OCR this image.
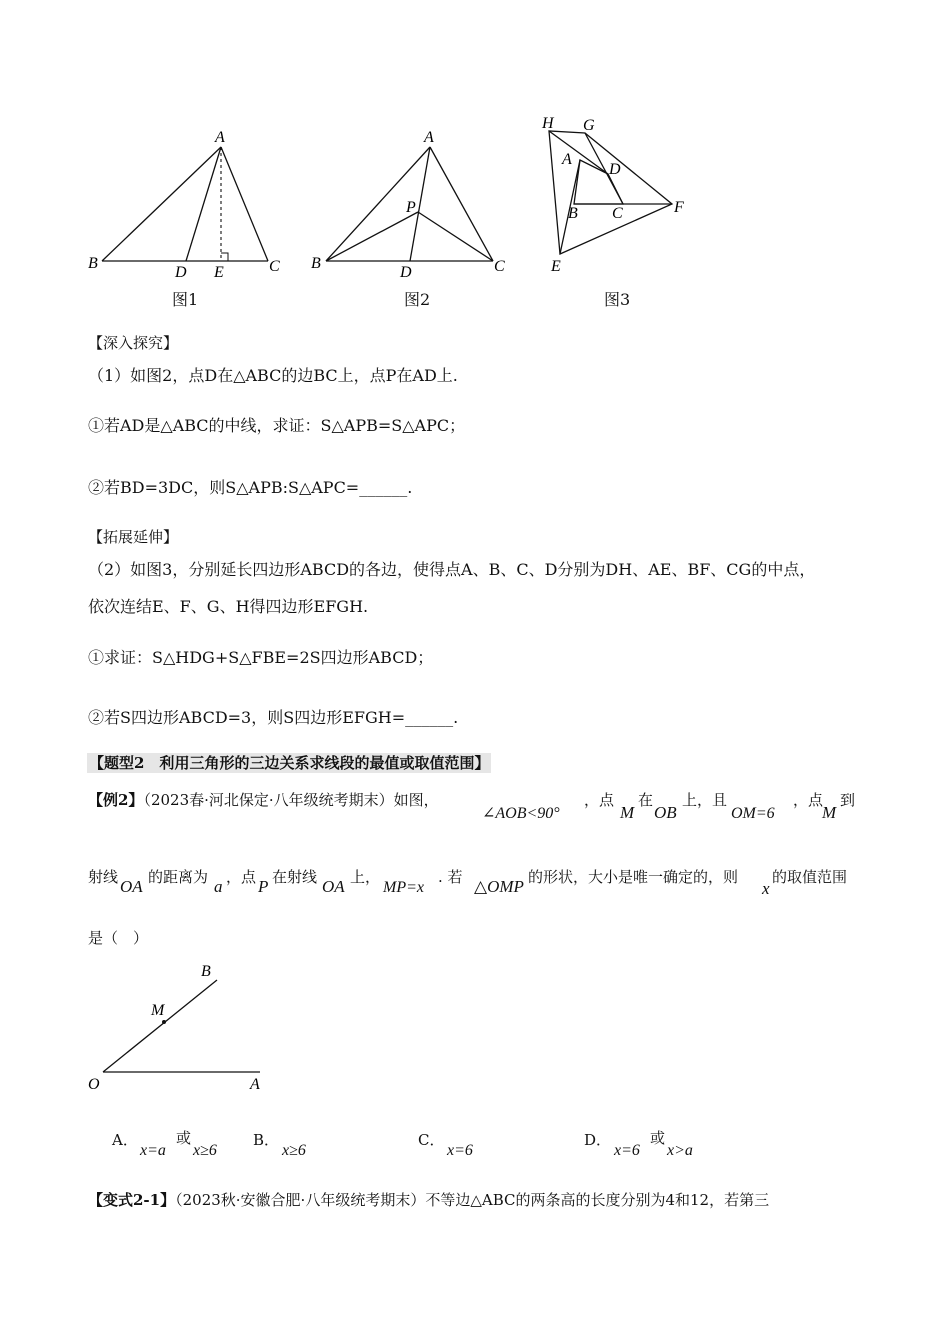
A
B	C
D E
图1
A
P
B	C
D
图2
H G
A
D
B C	F
E
图3
【深入探究】
（1）如图2，点D在△ABC的边BC上，点P在AD上.
①若AD是△ABC的中线，求证：S△APB=S△APC；
②若BD=3DC，则S△APB:S△APC=______.
【拓展延伸】
（2）如图3，分别延长四边形ABCD的各边，使得点A、B、C、D分别为DH、AE、BF、CG的中点，
依次连结E、F、G、H得四边形EFGH.
①求证：S△HDG+S△FBE=2S四边形ABCD；
②若S四边形ABCD=3，则S四边形EFGH=______.
【题型2　利用三角形的三边关系求线段的最值或取值范围】
【例2】（2023春·河北保定·八年级统考期末）如图，
∠AOB<90°
，点
M
在
OB
上，且
OM=6
，点
M
到
射线 OA 的距离为 a ，点 P 在射线 OA 上，
MP=x
. 若 △OMP 的形状，大小是唯一确定的，则
x
的取值范围
是（　）
B
M
O	A
A．	或
x=a x≥6
B．
x≥6
C．
x=6
D．	或
x=6 x>a
【变式2-1】（2023秋·安徽合肥·八年级统考期末）不等边△ABC的两条高的长度分别为4和12，若第三
